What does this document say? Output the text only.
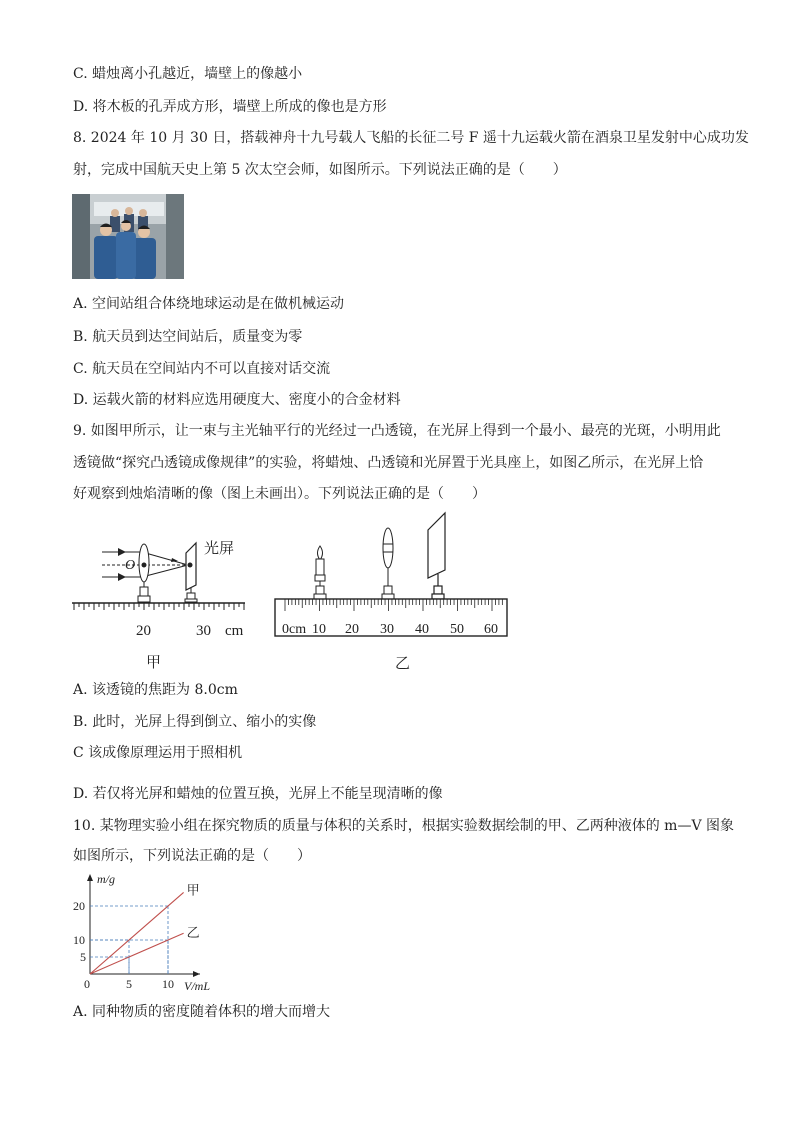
C. 蜡烛离小孔越近，墙壁上的像越小
D. 将木板的孔弄成方形，墙壁上所成的像也是方形
8. 2024 年 10 月 30 日，搭载神舟十九号载人飞船的长征二号 F 遥十九运载火箭在酒泉卫星发射中心成功发
射，完成中国航天史上第 5 次太空会师，如图所示。下列说法正确的是（　　）
A. 空间站组合体绕地球运动是在做机械运动
B. 航天员到达空间站后，质量变为零
C. 航天员在空间站内不可以直接对话交流
D. 运载火箭的材料应选用硬度大、密度小的合金材料
9. 如图甲所示，让一束与主光轴平行的光经过一凸透镜，在光屏上得到一个最小、最亮的光斑，小明用此
透镜做“探究凸透镜成像规律”的实验，将蜡烛、凸透镜和光屏置于光具座上，如图乙所示，在光屏上恰
好观察到烛焰清晰的像（图上未画出）。下列说法正确的是（　　）
O
光屏
20	30 cm
甲
0cm 10 20 30 40 50 60
乙
A. 该透镜的焦距为 8.0cm
B. 此时，光屏上得到倒立、缩小的实像
C 该成像原理运用于照相机
D. 若仅将光屏和蜡烛的位置互换，光屏上不能呈现清晰的像
10. 某物理实验小组在探究物质的质量与体积的关系时，根据实验数据绘制的甲、乙两种液体的 m—V 图象
如图所示，下列说法正确的是（　　）
m/g
V/mL
甲
乙
0	5	10
5
10
20
A. 同种物质的密度随着体积的增大而增大
